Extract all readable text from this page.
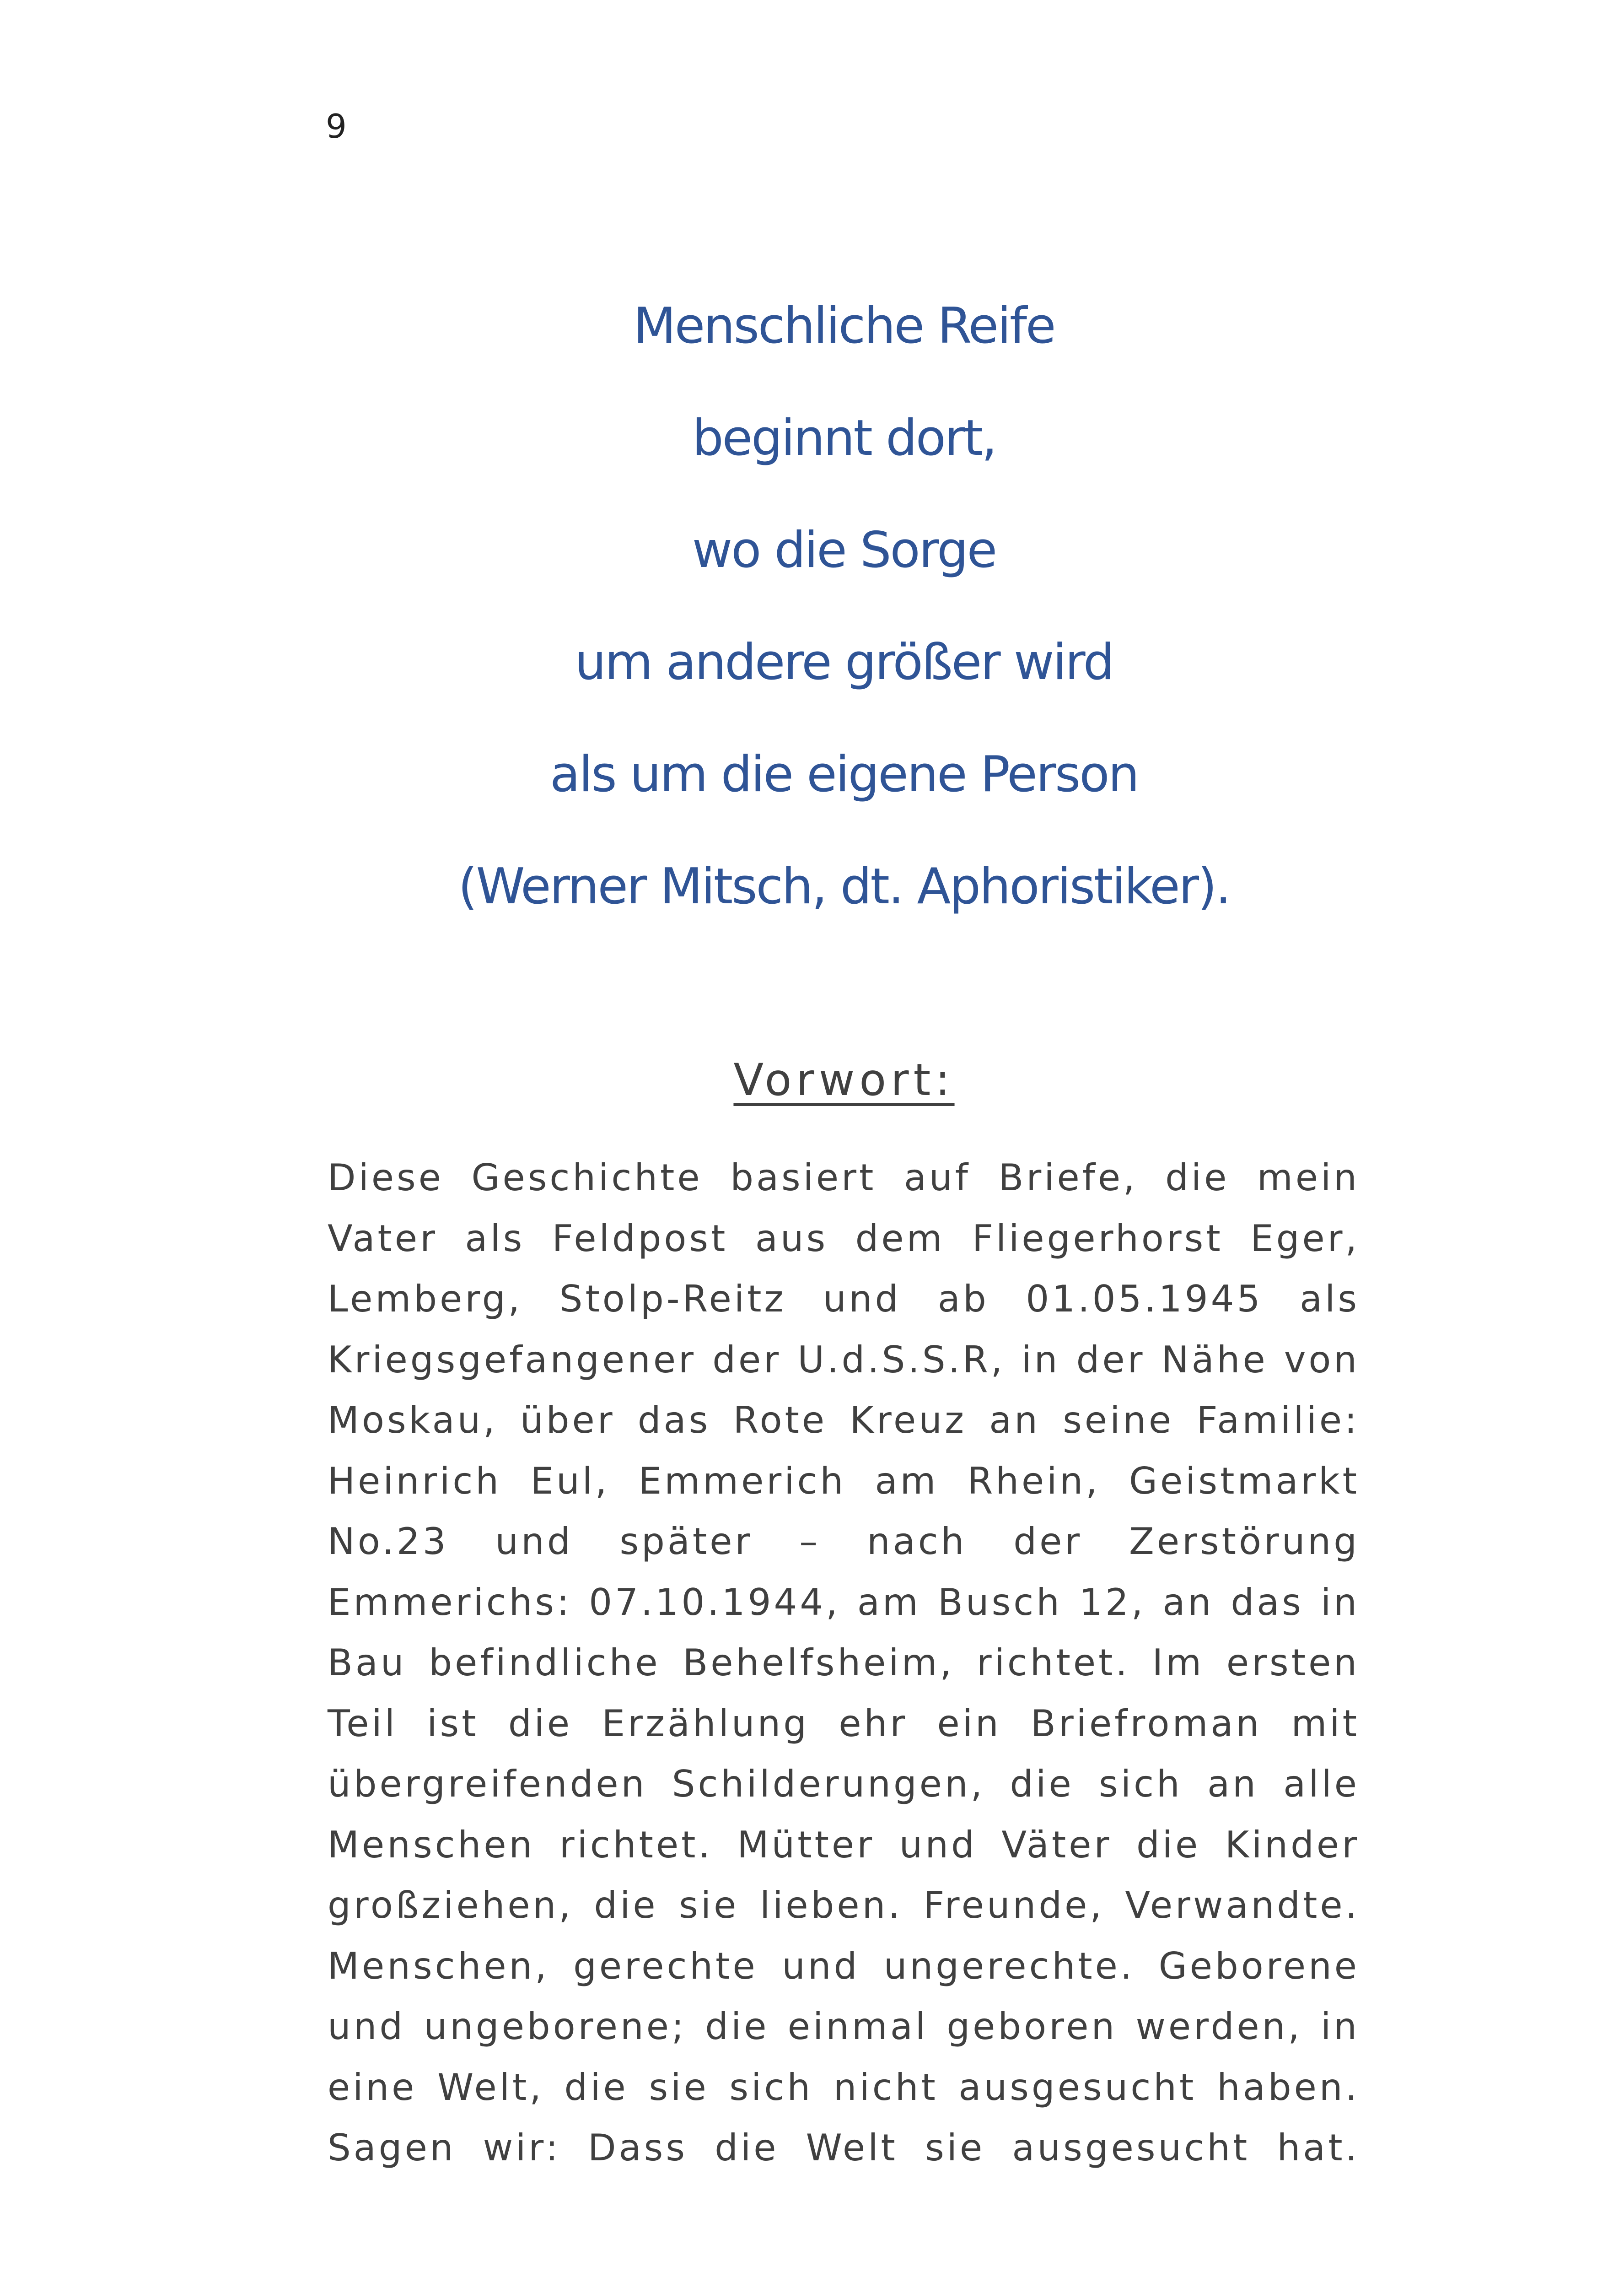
9
Menschliche Reife
beginnt dort,
wo die Sorge
um andere größer wird
als um die eigene Person
(Werner Mitsch, dt. Aphoristiker).
Vorwort:
Diese Geschichte basiert auf Briefe, die mein
Vater als Feldpost aus dem Fliegerhorst Eger,
Lemberg, Stolp-Reitz und ab 01.05.1945 als
Kriegsgefangener der U.d.S.S.R, in der Nähe von
Moskau, über das Rote Kreuz an seine Familie:
Heinrich Eul, Emmerich am Rhein, Geistmarkt
No.23 und später – nach der Zerstörung
Emmerichs: 07.10.1944, am Busch 12, an das in
Bau befindliche Behelfsheim, richtet. Im ersten
Teil ist die Erzählung ehr ein Briefroman mit
übergreifenden Schilderungen, die sich an alle
Menschen richtet. Mütter und Väter die Kinder
großziehen, die sie lieben. Freunde, Verwandte.
Menschen, gerechte und ungerechte. Geborene
und ungeborene; die einmal geboren werden, in
eine Welt, die sie sich nicht ausgesucht haben.
Sagen wir: Dass die Welt sie ausgesucht hat.
